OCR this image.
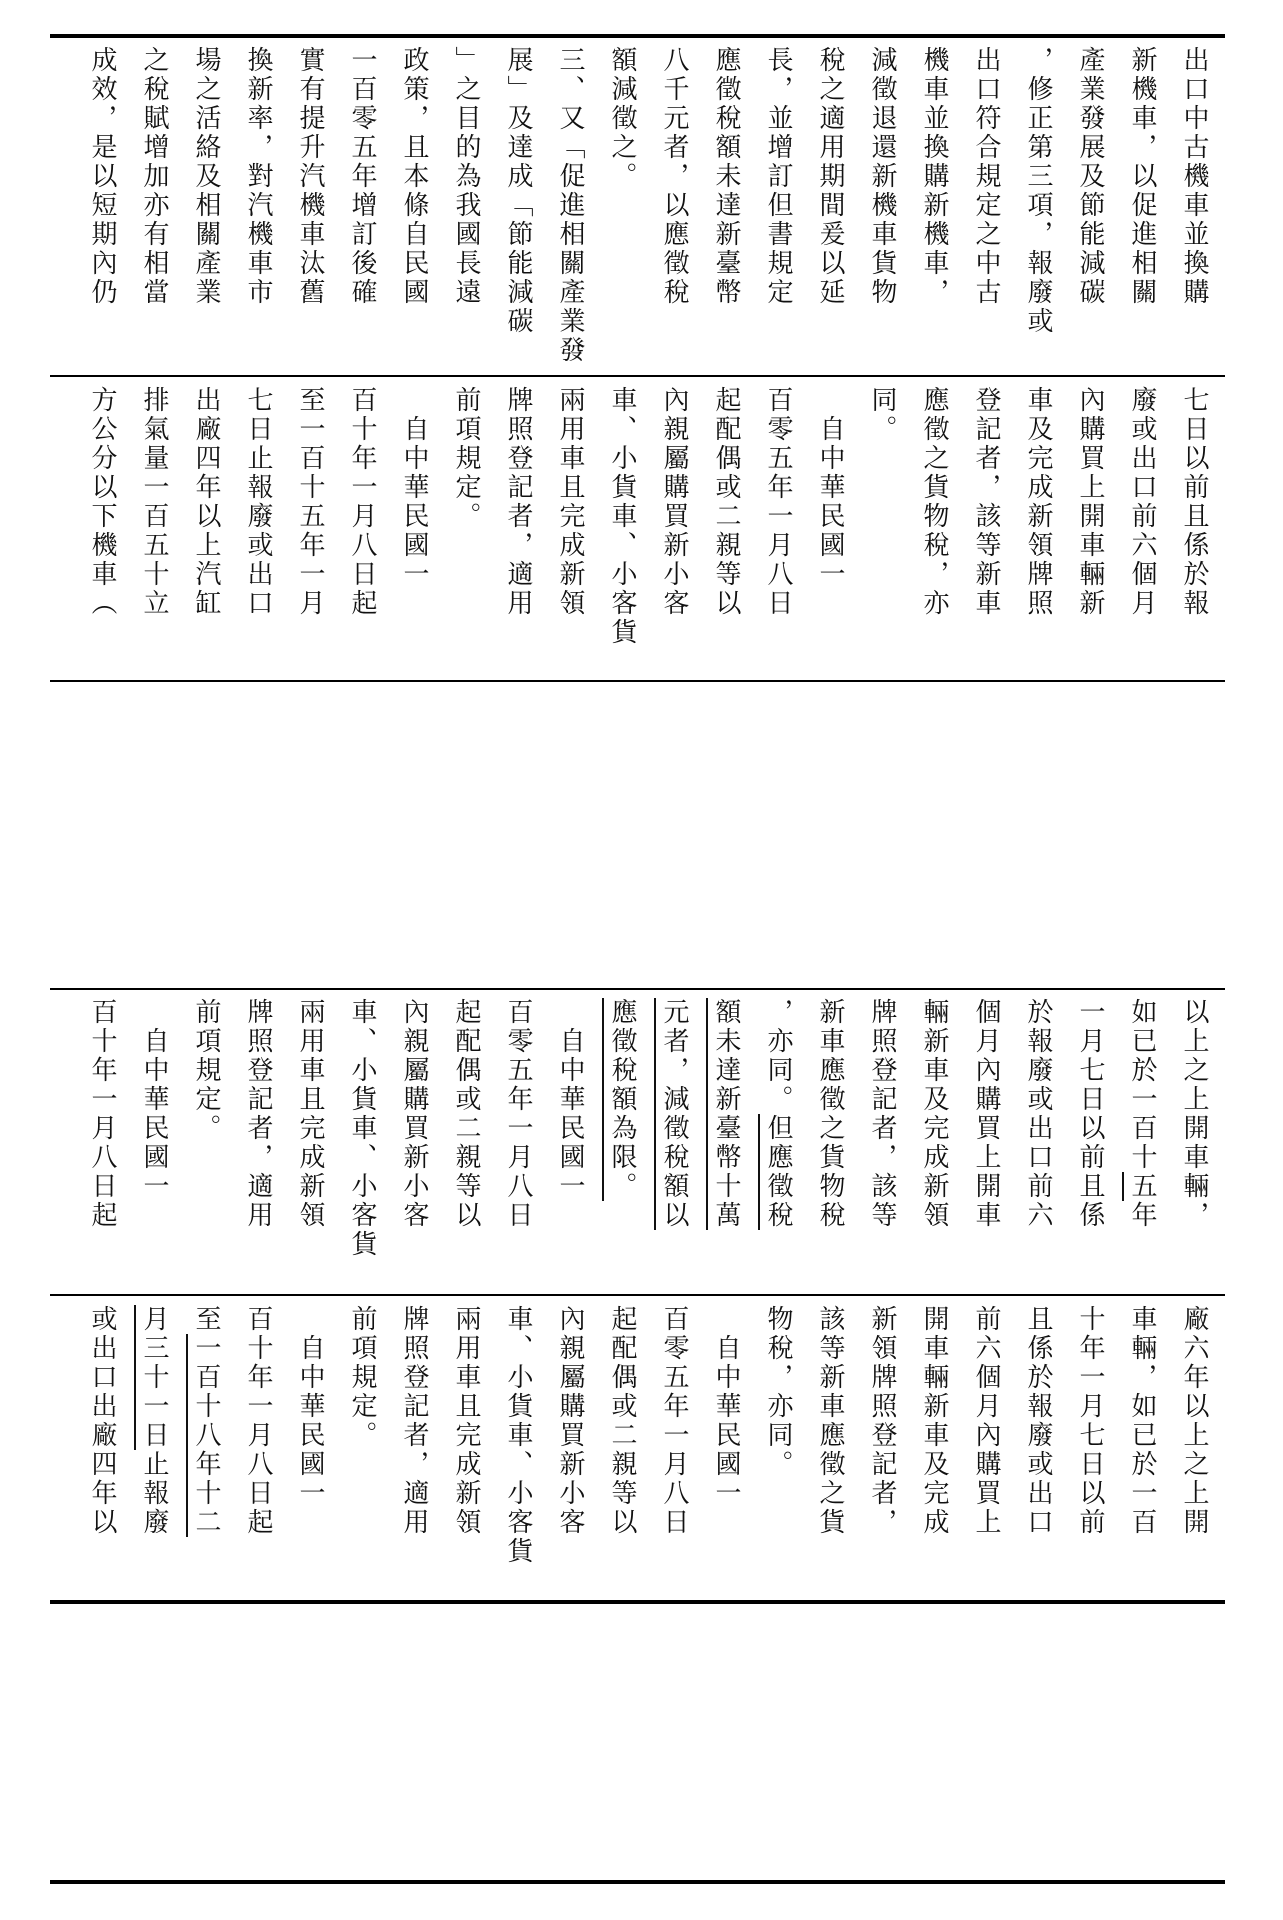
出口中古機車並換購
新機車，以促進相關
產業發展及節能減碳
，修正第三項，報廢或
出口符合規定之中古
機車並換購新機車，
減徵退還新機車貨物
稅之適用期間爰以延
長，並增訂但書規定
應徵稅額未達新臺幣
八千元者，以應徵稅
額減徵之。
三、又「促進相關產業發
展」及達成「節能減碳
」之目的為我國長遠
政策，且本條自民國
一百零五年增訂後確
實有提升汽機車汰舊
換新率，對汽機車市
場之活絡及相關產業
之稅賦增加亦有相當
成效，是以短期內仍
七日以前且係於報
廢或出口前六個月
內購買上開車輛新
車及完成新領牌照
登記者，該等新車
應徵之貨物稅，亦
同。
　自中華民國一
百零五年一月八日
起配偶或二親等以
內親屬購買新小客
車、小貨車、小客貨
兩用車且完成新領
牌照登記者，適用
前項規定。
　自中華民國一
百十年一月八日起
至一百十五年一月
七日止報廢或出口
出廠四年以上汽缸
排氣量一百五十立
方公分以下機車（
以上之上開車輛，
如已於一百十五年
一月七日以前且係
於報廢或出口前六
個月內購買上開車
輛新車及完成新領
牌照登記者，該等
新車應徵之貨物稅
，亦同。但應徵稅
額未達新臺幣十萬
元者，減徵稅額以
應徵稅額為限。
　自中華民國一
百零五年一月八日
起配偶或二親等以
內親屬購買新小客
車、小貨車、小客貨
兩用車且完成新領
牌照登記者，適用
前項規定。
　自中華民國一
百十年一月八日起
廠六年以上之上開
車輛，如已於一百
十年一月七日以前
且係於報廢或出口
前六個月內購買上
開車輛新車及完成
新領牌照登記者，
該等新車應徵之貨
物稅，亦同。
　自中華民國一
百零五年一月八日
起配偶或二親等以
內親屬購買新小客
車、小貨車、小客貨
兩用車且完成新領
牌照登記者，適用
前項規定。
　自中華民國一
百十年一月八日起
至一百十八年十二
月三十一日止報廢
或出口出廠四年以
